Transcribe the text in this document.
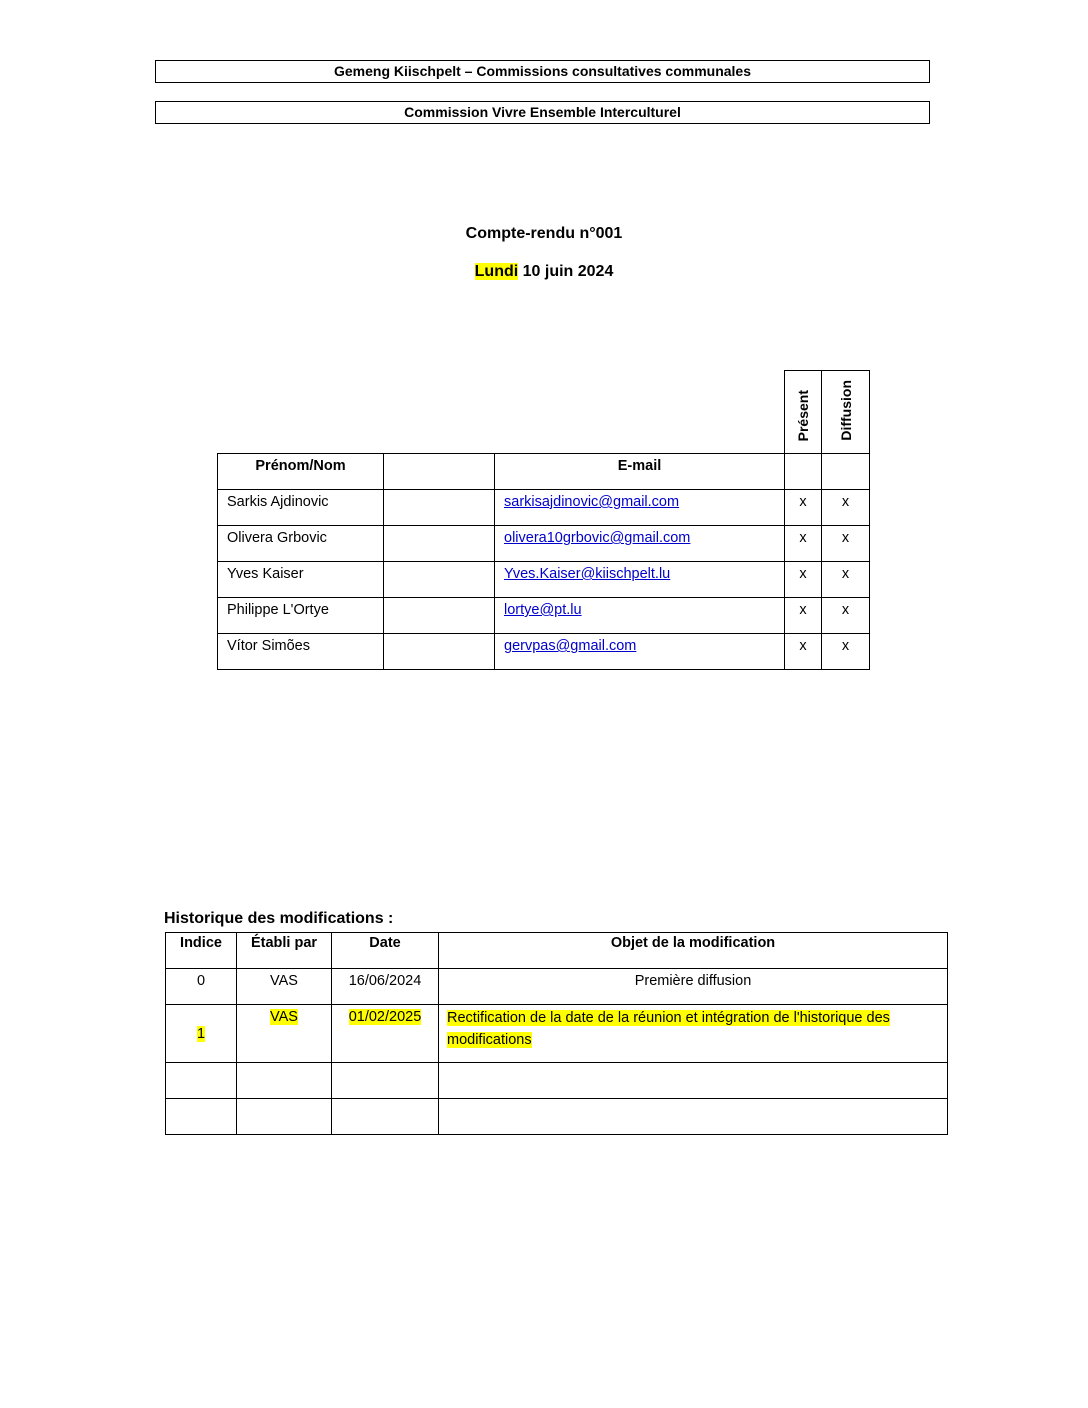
Gemeng Kiischpelt – Commissions consultatives communales
Commission Vivre Ensemble Interculturel
Compte-rendu n°001
Lundi 10 juin 2024
			Présent	Diffusion
Prénom/Nom		E-mail		
Sarkis Ajdinovic		sarkisajdinovic@gmail.com	x	x
Olivera Grbovic		olivera10grbovic@gmail.com	x	x
Yves Kaiser		Yves.Kaiser@kiischpelt.lu	x	x
Philippe L'Ortye		lortye@pt.lu	x	x
Vítor Simões		gervpas@gmail.com	x	x
Historique des modifications :
Indice	Établi par	Date	Objet de la modification
0	VAS	16/06/2024	Première diffusion
1	VAS	01/02/2025	Rectification de la date de la réunion et intégration de l'historique des modifications
